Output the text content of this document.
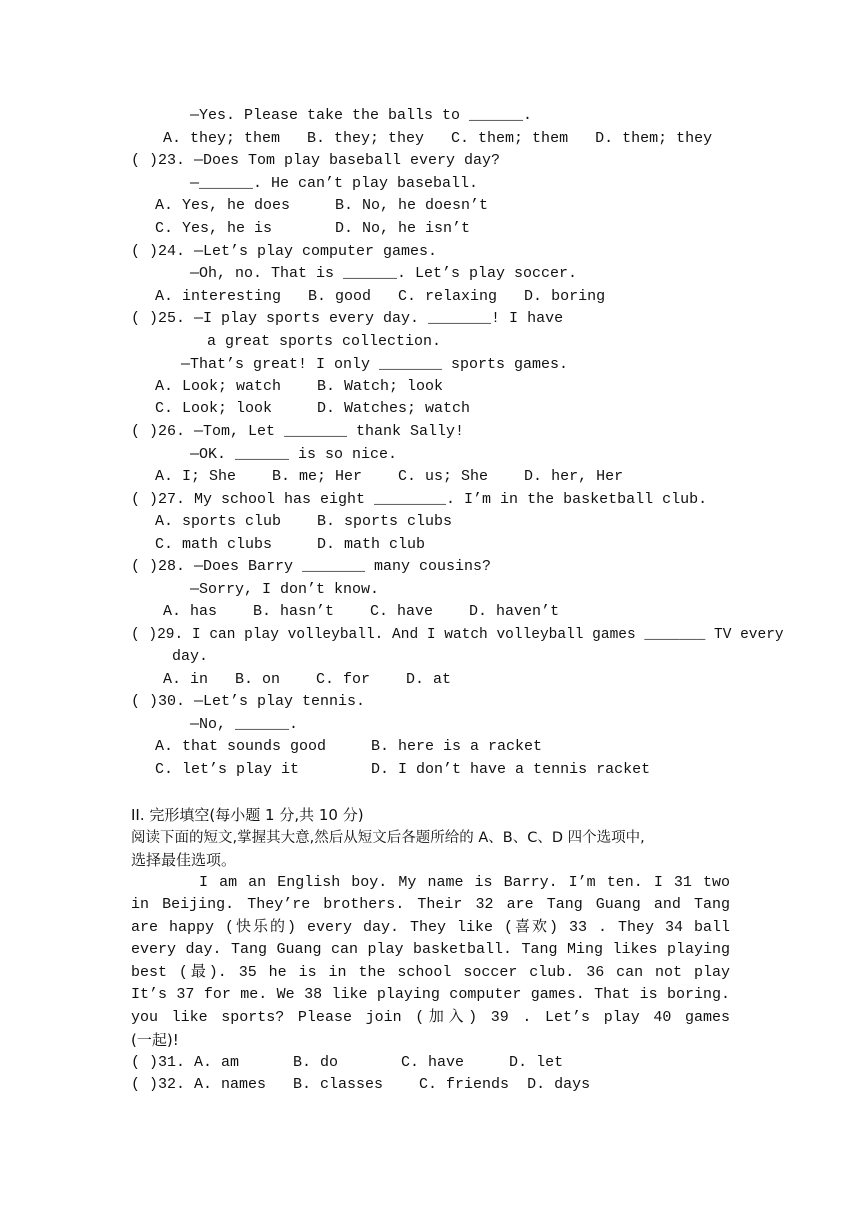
—Yes. Please take the balls to ______.
A. they; them   B. they; they   C. them; them   D. them; they
( )23. —Does Tom play baseball every day?
—______. He can’t play baseball.
A. Yes, he does     B. No, he doesn’t
C. Yes, he is       D. No, he isn’t
( )24. —Let’s play computer games.
—Oh, no. That is ______. Let’s play soccer.
A. interesting   B. good   C. relaxing   D. boring
( )25. —I play sports every day. _______! I have
a great sports collection.
—That’s great! I only _______ sports games.
A. Look; watch    B. Watch; look
C. Look; look     D. Watches; watch
( )26. —Tom, Let _______ thank Sally!
—OK. ______ is so nice.
A. I; She    B. me; Her    C. us; She    D. her, Her
( )27. My school has eight ________. I’m in the basketball club.
A. sports club    B. sports clubs
C. math clubs     D. math club
( )28. —Does Barry _______ many cousins?
—Sorry, I don’t know.
A. has    B. hasn’t    C. have    D. haven’t
( )29. I can play volleyball. And I watch volleyball games _______ TV every
day.
A. in   B. on    C. for    D. at
( )30. —Let’s play tennis.
—No, ______.
A. that sounds good     B. here is a racket
C. let’s play it        D. I don’t have a tennis racket
II. 完形填空(每小题 1 分,共 10 分)
阅读下面的短文,掌握其大意,然后从短文后各题所给的 A、B、C、D 四个选项中,
选择最佳选项。
I am an English boy. My name is Barry. I’m ten. I 31 two
in Beijing. They’re brothers. Their 32 are Tang Guang and Tang
are happy (快乐的) every day. They like (喜欢) 33 . They 34 ball
every day. Tang Guang can play basketball. Tang Ming likes playing
best (最). 35 he is in the school soccer club. 36 can not play
It’s 37 for me. We 38 like playing computer games. That is boring.
you like sports? Please join (加入) 39 . Let’s play 40 games
(一起)!
( )31. A. am      B. do       C. have     D. let
( )32. A. names   B. classes    C. friends  D. days
